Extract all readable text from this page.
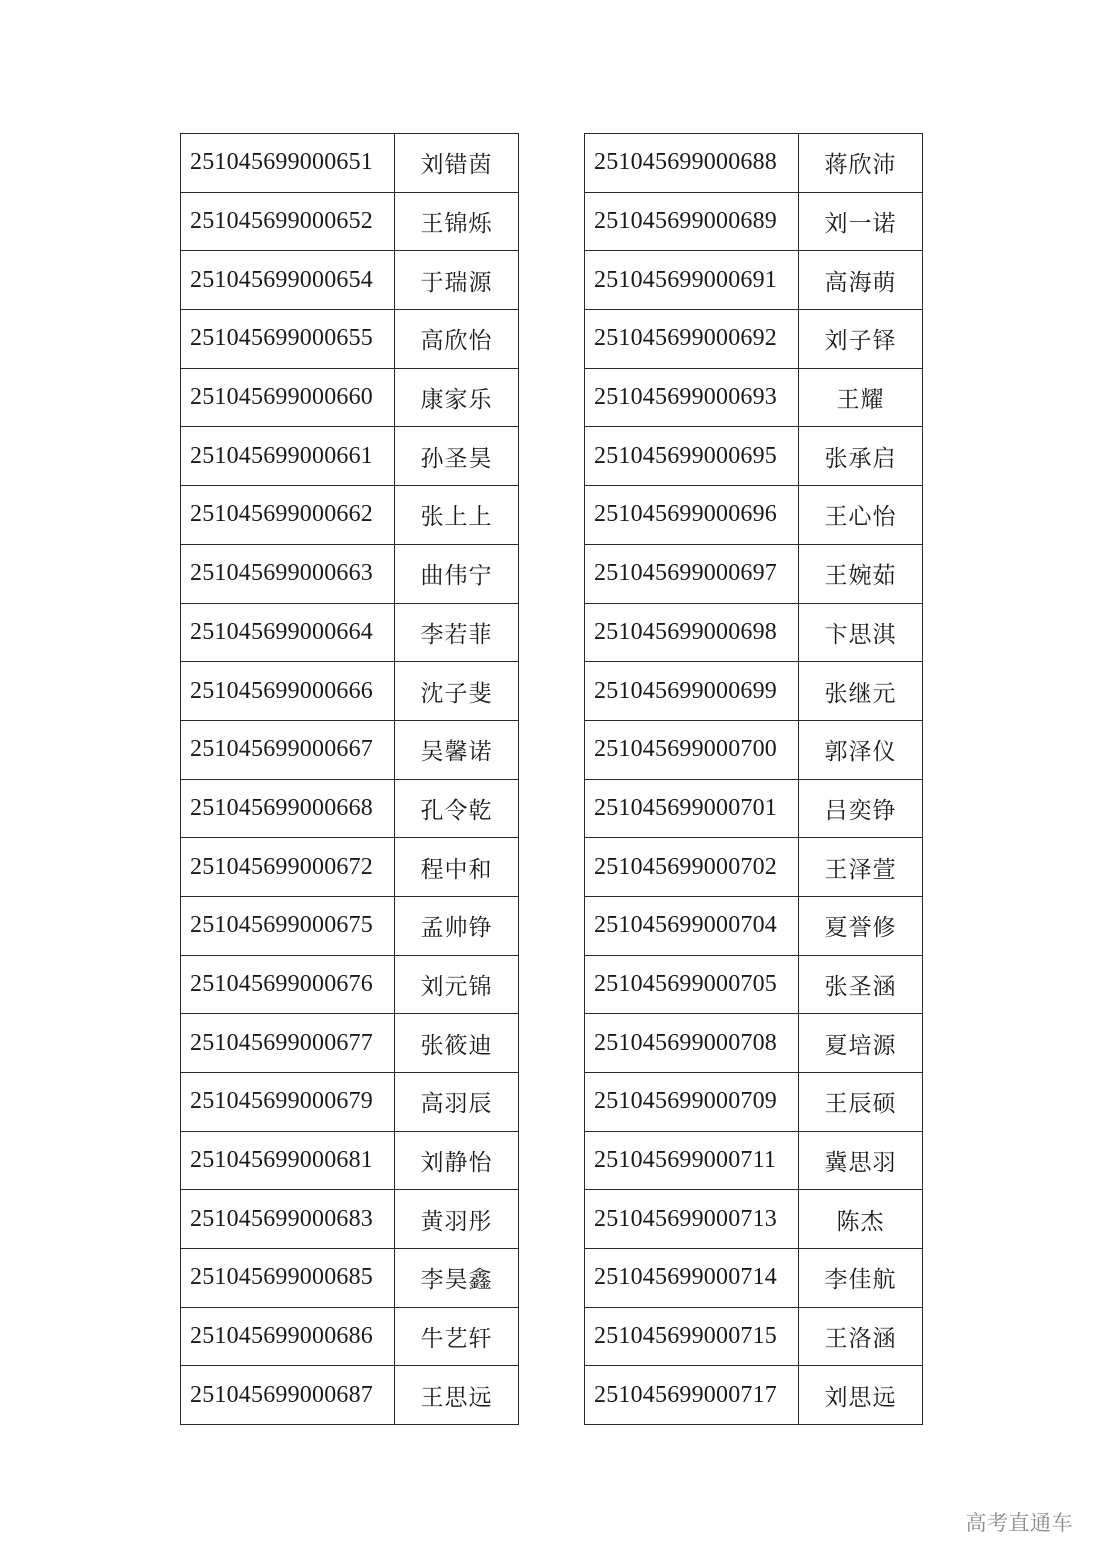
251045699000651	刘错茵
251045699000652	王锦烁
251045699000654	于瑞源
251045699000655	高欣怡
251045699000660	康家乐
251045699000661	孙圣昊
251045699000662	张上上
251045699000663	曲伟宁
251045699000664	李若菲
251045699000666	沈子斐
251045699000667	吴馨诺
251045699000668	孔令乾
251045699000672	程中和
251045699000675	孟帅铮
251045699000676	刘元锦
251045699000677	张筱迪
251045699000679	高羽辰
251045699000681	刘静怡
251045699000683	黄羽彤
251045699000685	李昊鑫
251045699000686	牛艺轩
251045699000687	王思远
251045699000688	蒋欣沛
251045699000689	刘一诺
251045699000691	高海萌
251045699000692	刘子铎
251045699000693	王耀
251045699000695	张承启
251045699000696	王心怡
251045699000697	王婉茹
251045699000698	卞思淇
251045699000699	张继元
251045699000700	郭泽仪
251045699000701	吕奕铮
251045699000702	王泽萱
251045699000704	夏誉修
251045699000705	张圣涵
251045699000708	夏培源
251045699000709	王辰硕
251045699000711	冀思羽
251045699000713	陈杰
251045699000714	李佳航
251045699000715	王洛涵
251045699000717	刘思远
高考直通车
